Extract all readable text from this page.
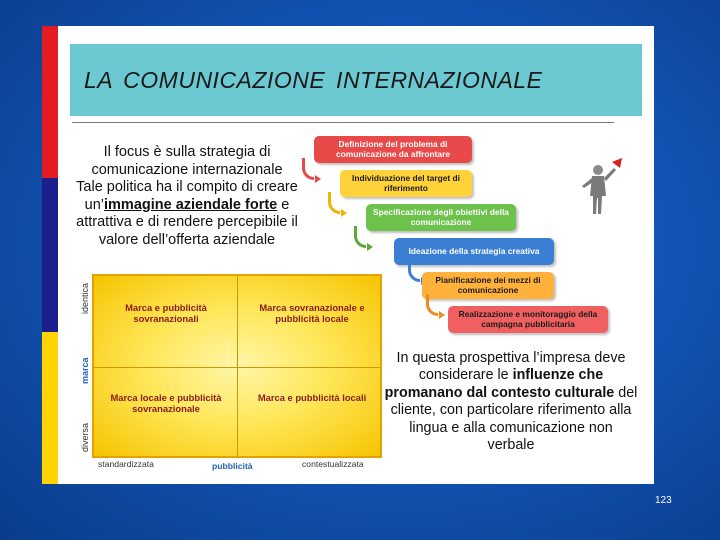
LA COMUNICAZIONE INTERNAZIONALE
Il focus è sulla strategia di comunicazione internazionale
Tale politica ha il compito di creare un’immagine aziendale forte e attrattiva e di rendere percepibile il valore dell’offerta aziendale
Definizione del problema di comunicazione da affrontare
Individuazione del target di riferimento
Specificazione degli obiettivi della comunicazione
Ideazione della strategia creativa
Pianificazione dei mezzi di comunicazione
Realizzazione e monitoraggio della campagna pubblicitaria
Marca e pubblicità sovranazionali
Marca sovranazionale e pubblicità locale
Marca locale e pubblicità sovranazionale
Marca e pubblicità locali
identica
marca
diversa
standardizzata	pubblicità	contestualizzata
In questa prospettiva l’impresa deve considerare le influenze che promanano dal contesto culturale del cliente, con particolare riferimento alla lingua e alla comunicazione non verbale
123
